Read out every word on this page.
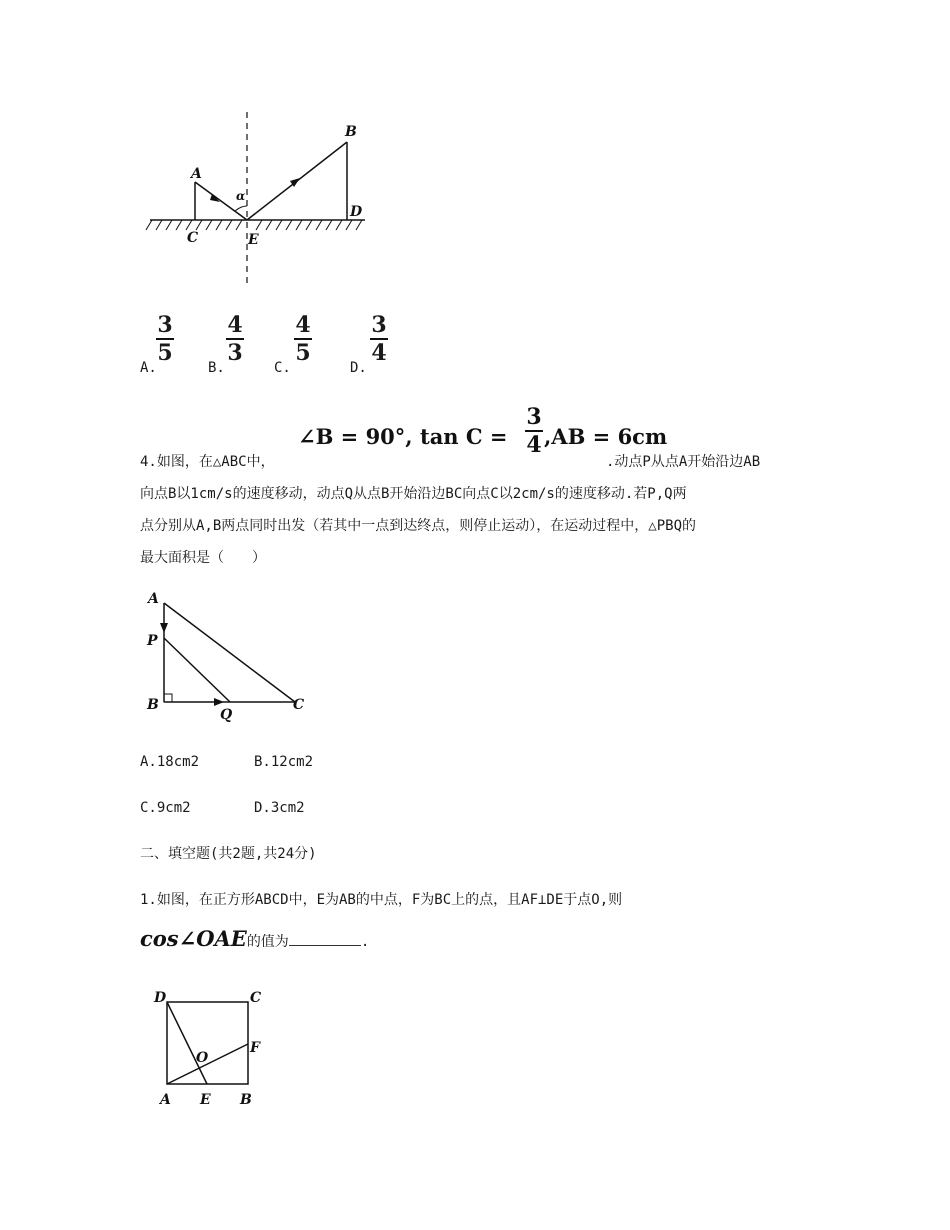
A
B
C
D
E
α
A.
3
5
B.
4
3
C.
4
5
D.
3
4
∠B = 90°, tan C =
3
4 ,AB = 6cm
4.如图，在△ABC中，	.动点P从点A开始沿边AB
向点B以1cm/s的速度移动，动点Q从点B开始沿边BC向点C以2cm/s的速度移动.若P,Q两
点分别从A,B两点同时出发（若其中一点到达终点，则停止运动），在运动过程中，△PBQ的
最大面积是（　　）
A
P
B
Q
C
A.18cm2	B.12cm2
C.9cm2	D.3cm2
二、填空题(共2题,共24分)
1.如图，在正方形ABCD中，E为AB的中点，F为BC上的点，且AF⊥DE于点O,则
cos∠OAE的值为	.
D	C
O
F
A E B
